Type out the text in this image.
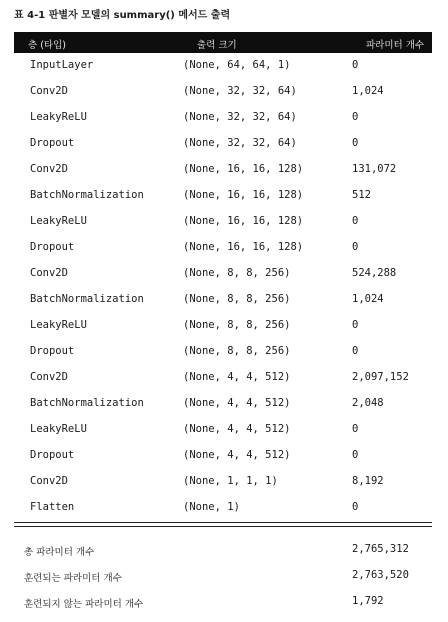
표 4-1 판별자 모델의 summary() 메서드 출력
층 (타입)	출력 크기	파라미터 개수
InputLayer	(None, 64, 64, 1)	0
Conv2D	(None, 32, 32, 64)	1,024
LeakyReLU	(None, 32, 32, 64)	0
Dropout	(None, 32, 32, 64)	0
Conv2D	(None, 16, 16, 128)	131,072
BatchNormalization	(None, 16, 16, 128)	512
LeakyReLU	(None, 16, 16, 128)	0
Dropout	(None, 16, 16, 128)	0
Conv2D	(None, 8, 8, 256)	524,288
BatchNormalization	(None, 8, 8, 256)	1,024
LeakyReLU	(None, 8, 8, 256)	0
Dropout	(None, 8, 8, 256)	0
Conv2D	(None, 4, 4, 512)	2,097,152
BatchNormalization	(None, 4, 4, 512)	2,048
LeakyReLU	(None, 4, 4, 512)	0
Dropout	(None, 4, 4, 512)	0
Conv2D	(None, 1, 1, 1)	8,192
Flatten	(None, 1)	0
총 파라미터 개수	2,765,312
훈련되는 파라미터 개수	2,763,520
훈련되지 않는 파라미터 개수	1,792
